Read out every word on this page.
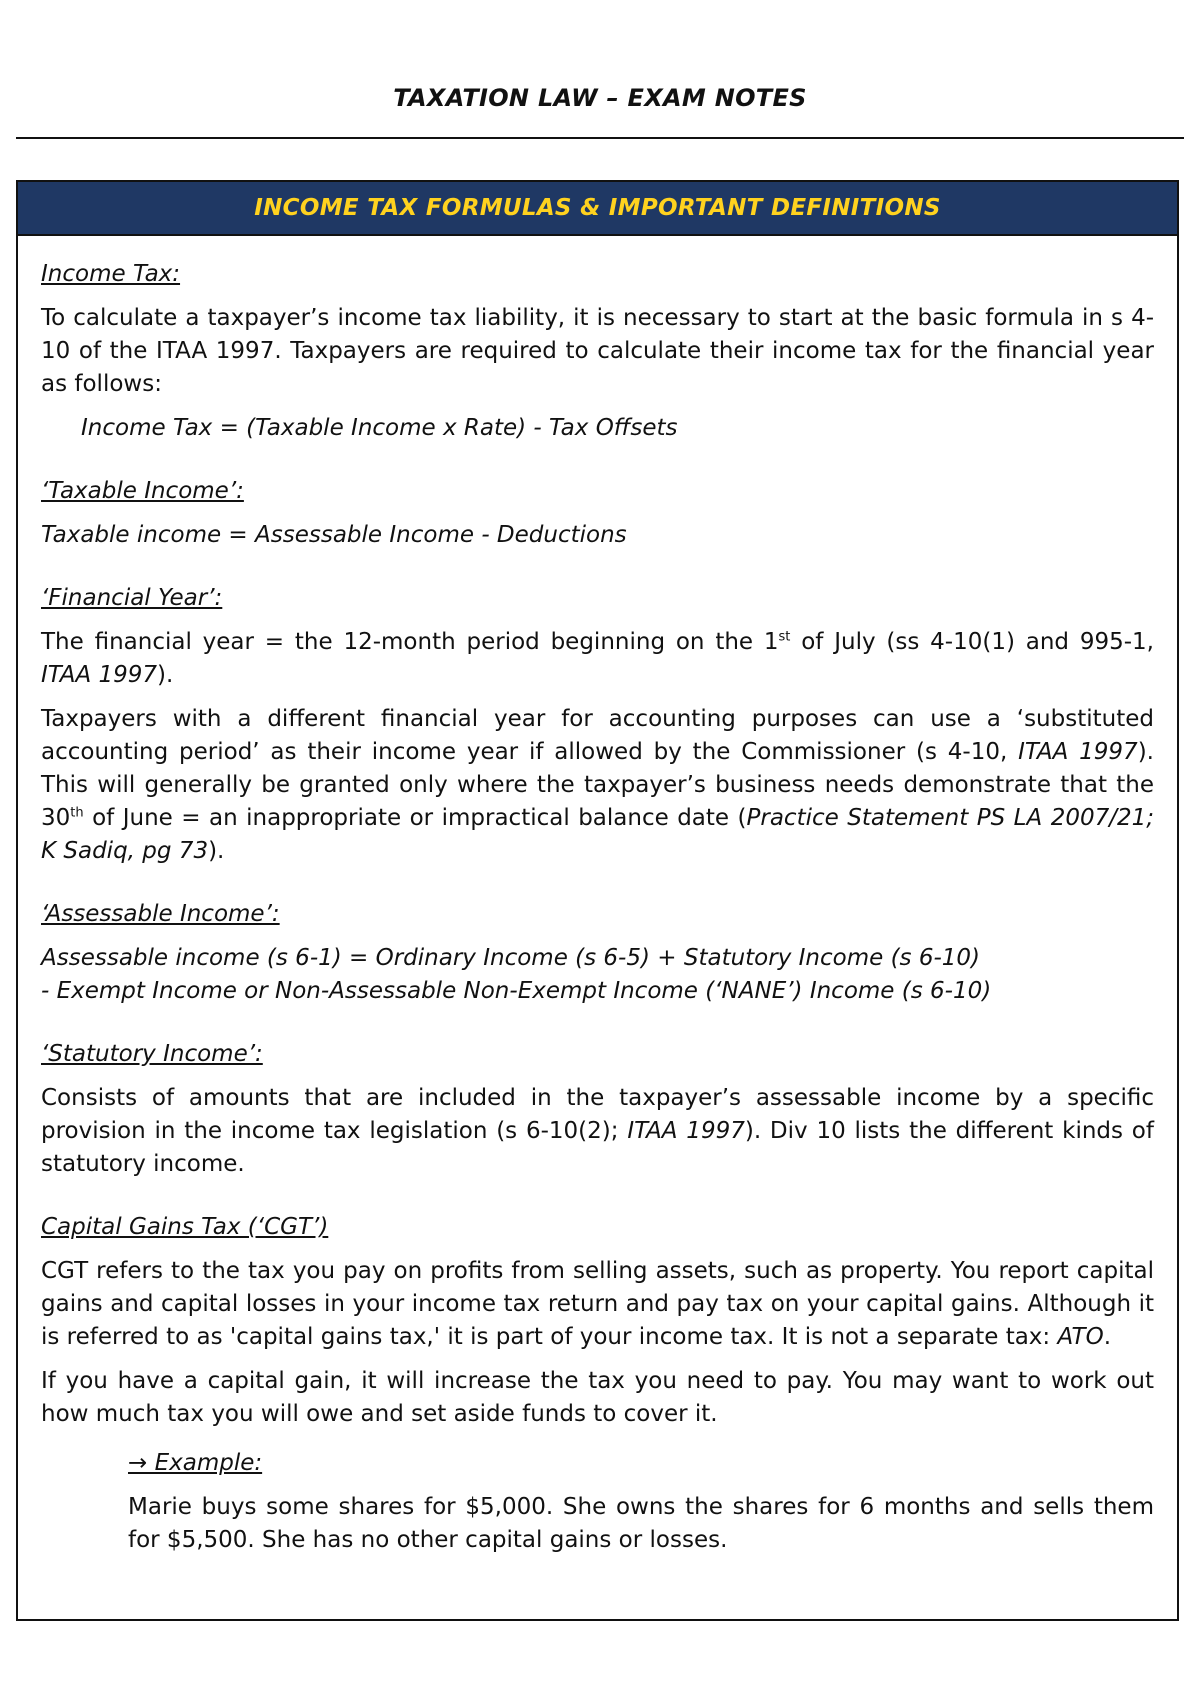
TAXATION LAW – EXAM NOTES
INCOME TAX FORMULAS & IMPORTANT DEFINITIONS

Income Tax:

To calculate a taxpayer’s income tax liability, it is necessary to start at the basic formula in s 4-10 of the ITAA 1997. Taxpayers are required to calculate their income tax for the financial year as follows:

Income Tax = (Taxable Income x Rate) - Tax Offsets

‘Taxable Income’:

Taxable income = Assessable Income - Deductions

‘Financial Year’:

The financial year = the 12-month period beginning on the 1st of July (ss 4-10(1) and 995-1, ITAA 1997).

Taxpayers with a different financial year for accounting purposes can use a ‘substituted accounting period’ as their income year if allowed by the Commissioner (s 4-10, ITAA 1997). This will generally be granted only where the taxpayer’s business needs demonstrate that the 30th of June = an inappropriate or impractical balance date (Practice Statement PS LA 2007/21; K Sadiq, pg 73).

‘Assessable Income’:

Assessable income (s 6-1) = Ordinary Income (s 6-5) + Statutory Income (s 6-10)

- Exempt Income or Non-Assessable Non-Exempt Income (‘NANE’) Income (s 6-10)

‘Statutory Income’:

Consists of amounts that are included in the taxpayer’s assessable income by a specific provision in the income tax legislation (s 6-10(2); ITAA 1997). Div 10 lists the different kinds of statutory income.

Capital Gains Tax (‘CGT’)

CGT refers to the tax you pay on profits from selling assets, such as property. You report capital gains and capital losses in your income tax return and pay tax on your capital gains. Although it is referred to as 'capital gains tax,' it is part of your income tax. It is not a separate tax: ATO.

If you have a capital gain, it will increase the tax you need to pay. You may want to work out how much tax you will owe and set aside funds to cover it.

→ Example:

Marie buys some shares for $5,000. She owns the shares for 6 months and sells them for $5,500. She has no other capital gains or losses.
